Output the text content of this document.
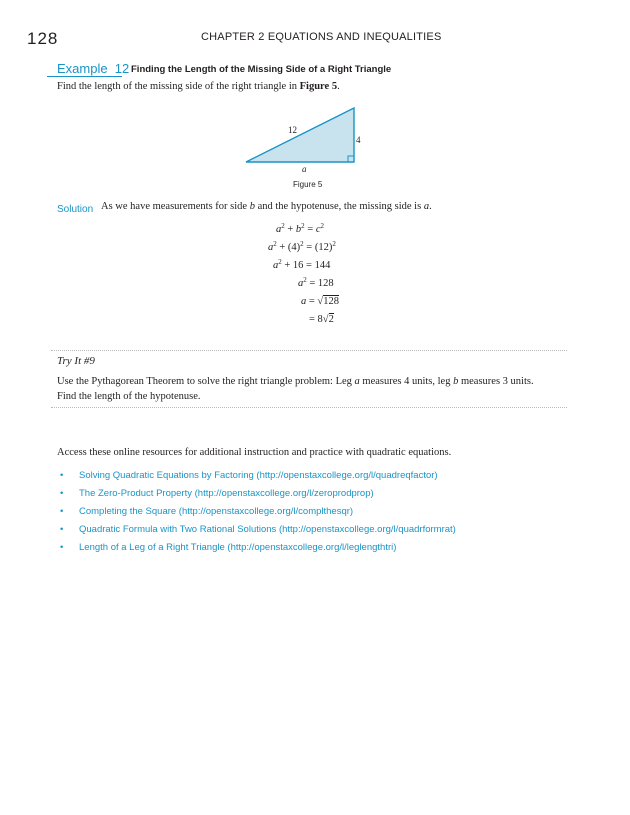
128	CHAPTER 2 EQUATIONS AND INEQUALITIES
Example  12 Finding the Length of the Missing Side of a Right Triangle
Find the length of the missing side of the right triangle in Figure 5.
12
4
a
Figure 5
Solution As we have measurements for side b and the hypotenuse, the missing side is a.
$a^2 + b^2 = c^2$
$a^2 + (4)^2 = (12)^2$
$a^2 + 16 = 144$
$a^2 = 128$
a = √128
= 8√2
Try It #9
Use the Pythagorean Theorem to solve the right triangle problem: Leg a measures 4 units, leg b measures 3 units. Find the length of the hypotenuse.
Access these online resources for additional instruction and practice with quadratic equations.
• Solving Quadratic Equations by Factoring (http://openstaxcollege.org/l/quadreqfactor)
• The Zero-Product Property (http://openstaxcollege.org/l/zeroprodprop)
• Completing the Square (http://openstaxcollege.org/l/complthesqr)
• Quadratic Formula with Two Rational Solutions (http://openstaxcollege.org/l/quadrformrat)
• Length of a Leg of a Right Triangle (http://openstaxcollege.org/l/leglengthtri)
